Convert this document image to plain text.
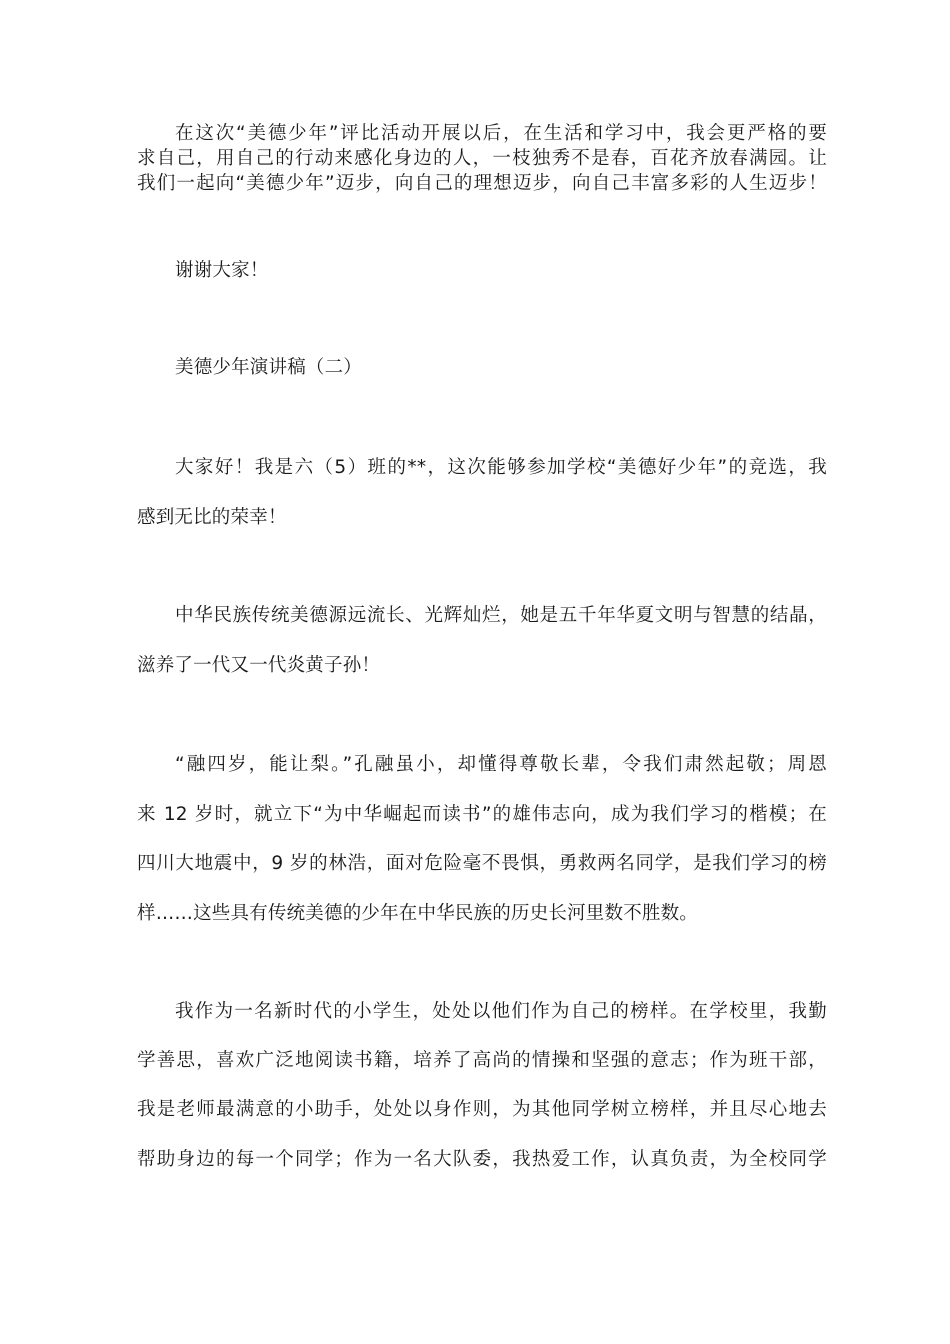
在这次“美德少年”评比活动开展以后，在生活和学习中，我会更严格的要
求自己，用自己的行动来感化身边的人，一枝独秀不是春，百花齐放春满园。让
我们一起向“美德少年”迈步，向自己的理想迈步，向自己丰富多彩的人生迈步！
谢谢大家！
美德少年演讲稿（二）
大家好！我是六（5）班的**，这次能够参加学校“美德好少年”的竞选，我
感到无比的荣幸！
中华民族传统美德源远流长、光辉灿烂，她是五千年华夏文明与智慧的结晶，
滋养了一代又一代炎黄子孙！
“融四岁，能让梨。”孔融虽小，却懂得尊敬长辈，令我们肃然起敬；周恩
来 12 岁时，就立下“为中华崛起而读书”的雄伟志向，成为我们学习的楷模；在
四川大地震中，9 岁的林浩，面对危险毫不畏惧，勇救两名同学，是我们学习的榜
样……这些具有传统美德的少年在中华民族的历史长河里数不胜数。
我作为一名新时代的小学生，处处以他们作为自己的榜样。在学校里，我勤
学善思，喜欢广泛地阅读书籍，培养了高尚的情操和坚强的意志；作为班干部，
我是老师最满意的小助手，处处以身作则，为其他同学树立榜样，并且尽心地去
帮助身边的每一个同学；作为一名大队委，我热爱工作，认真负责，为全校同学
